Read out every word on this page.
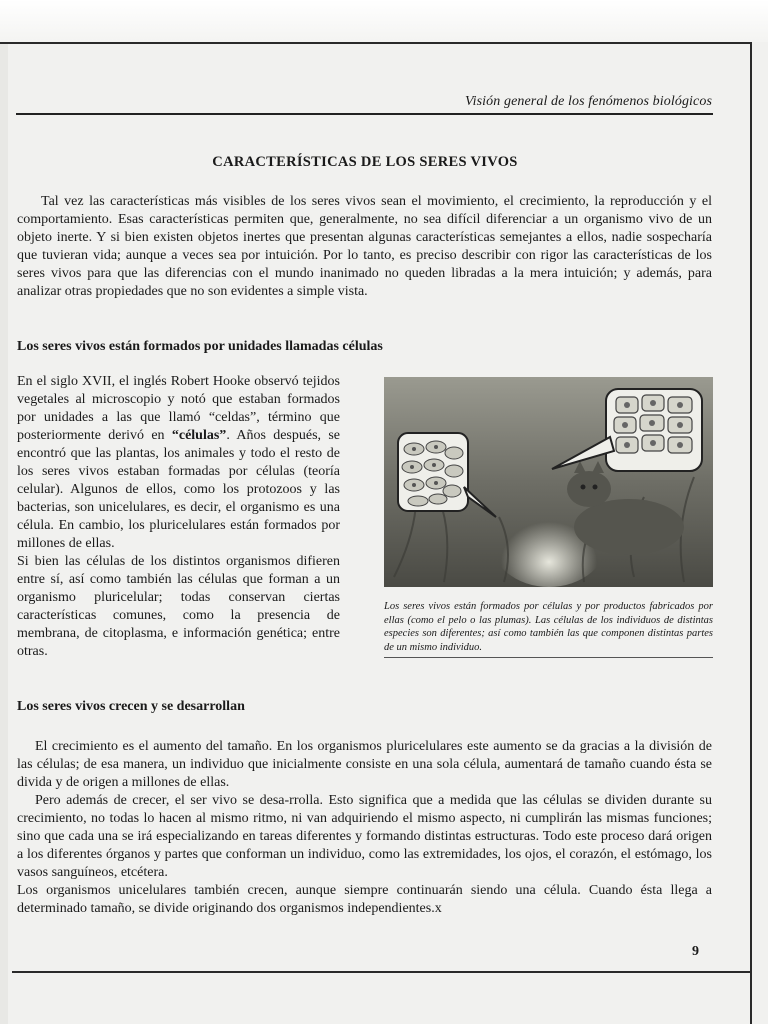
Visión general de los fenómenos biológicos
CARACTERÍSTICAS DE LOS SERES VIVOS

Tal vez las características más visibles de los seres vivos sean el movimiento, el crecimiento, la reproducción y el comportamiento. Esas características permiten que, generalmente, no sea difícil diferenciar a un organismo vivo de un objeto inerte. Y si bien existen objetos inertes que presentan algunas características semejantes a ellos, nadie sospecharía que tuvieran vida; aunque a veces sea por intuición. Por lo tanto, es preciso describir con rigor las características de los seres vivos para que las diferencias con el mundo inanimado no queden libradas a la mera intuición; y además, para analizar otras propiedades que no son evidentes a simple vista.

Los seres vivos están formados por unidades llamadas células

En el siglo XVII, el inglés Robert Hooke observó tejidos vegetales al microscopio y notó que estaban formados por unidades a las que llamó “celdas”, término que posteriormente derivó en “células”. Años después, se encontró que las plantas, los animales y todo el resto de los seres vivos estaban formadas por células (teoría celular). Algunos de ellos, como los protozoos y las bacterias, son unicelulares, es decir, el organismo es una célula. En cambio, los pluricelulares están formados por millones de ellas.
Si bien las células de los distintos organismos difieren entre sí, así como también las células que forman a un organismo pluricelular; todas conservan ciertas características comunes, como la presencia de membrana, de citoplasma, e información genética; entre otras.

Los seres vivos están formados por células y por productos fabricados por ellas (como el pelo o las plumas). Las células de los individuos de distintas especies son diferentes; así como también las que componen distintas partes de un mismo individuo.

Los seres vivos crecen y se desarrollan

El crecimiento es el aumento del tamaño. En los organismos pluricelulares este aumento se da gracias a la división de las células; de esa manera, un individuo que inicialmente consiste en una sola célula, aumentará de tamaño cuando ésta se divida y de origen a millones de ellas.

Pero además de crecer, el ser vivo se desa-rrolla. Esto significa que a medida que las células se dividen durante su crecimiento, no todas lo hacen al mismo ritmo, ni van adquiriendo el mismo aspecto, ni cumplirán las mismas funciones; sino que cada una se irá especializando en tareas diferentes y formando distintas estructuras. Todo este proceso dará origen a los diferentes órganos y partes que conforman un individuo, como las extremidades, los ojos, el corazón, el estómago, los vasos sanguíneos, etcétera.

Los organismos unicelulares también crecen, aunque siempre continuarán siendo una célula. Cuando ésta llega a determinado tamaño, se divide originando dos organismos independientes.x

9
